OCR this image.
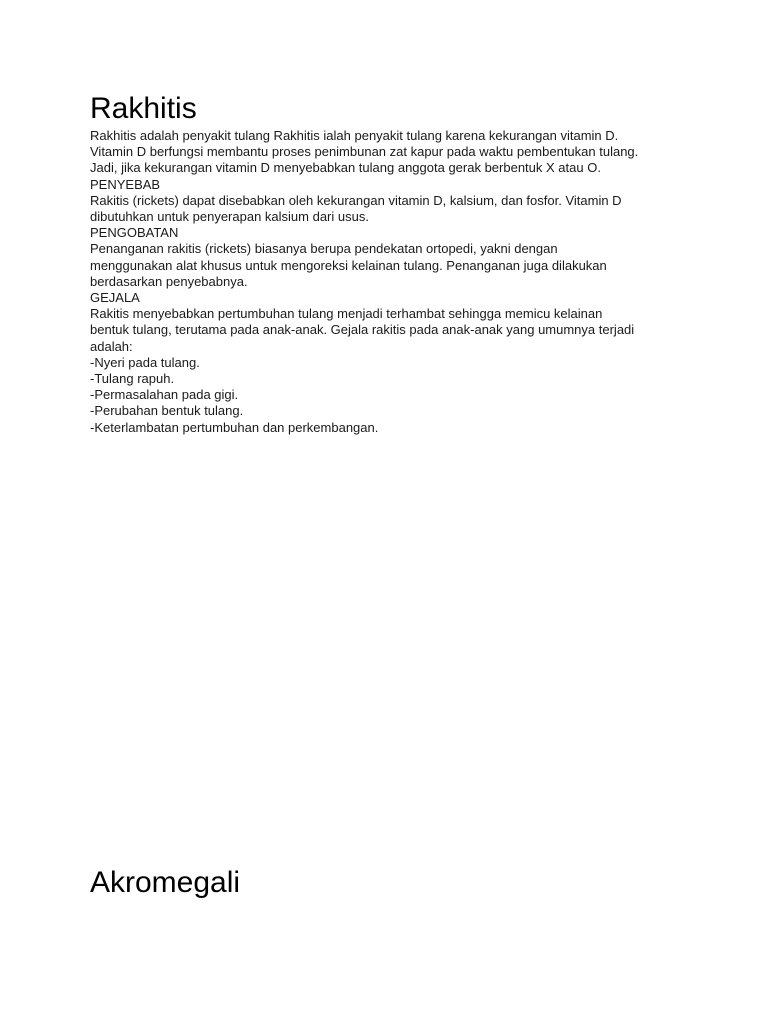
Rakhitis

Rakhitis adalah penyakit tulang Rakhitis ialah penyakit tulang karena kekurangan vitamin D.

Vitamin D berfungsi membantu proses penimbunan zat kapur pada waktu pembentukan tulang.

Jadi, jika kekurangan vitamin D menyebabkan tulang anggota gerak berbentuk X atau O.

PENYEBAB

Rakitis (rickets) dapat disebabkan oleh kekurangan vitamin D, kalsium, dan fosfor. Vitamin D

dibutuhkan untuk penyerapan kalsium dari usus.

PENGOBATAN

Penanganan rakitis (rickets) biasanya berupa pendekatan ortopedi, yakni dengan

menggunakan alat khusus untuk mengoreksi kelainan tulang. Penanganan juga dilakukan

berdasarkan penyebabnya.

GEJALA

Rakitis menyebabkan pertumbuhan tulang menjadi terhambat sehingga memicu kelainan

bentuk tulang, terutama pada anak-anak. Gejala rakitis pada anak-anak yang umumnya terjadi

adalah:

-Nyeri pada tulang.
-Tulang rapuh.
-Permasalahan pada gigi.
-Perubahan bentuk tulang.
-Keterlambatan pertumbuhan dan perkembangan.
Akromegali
